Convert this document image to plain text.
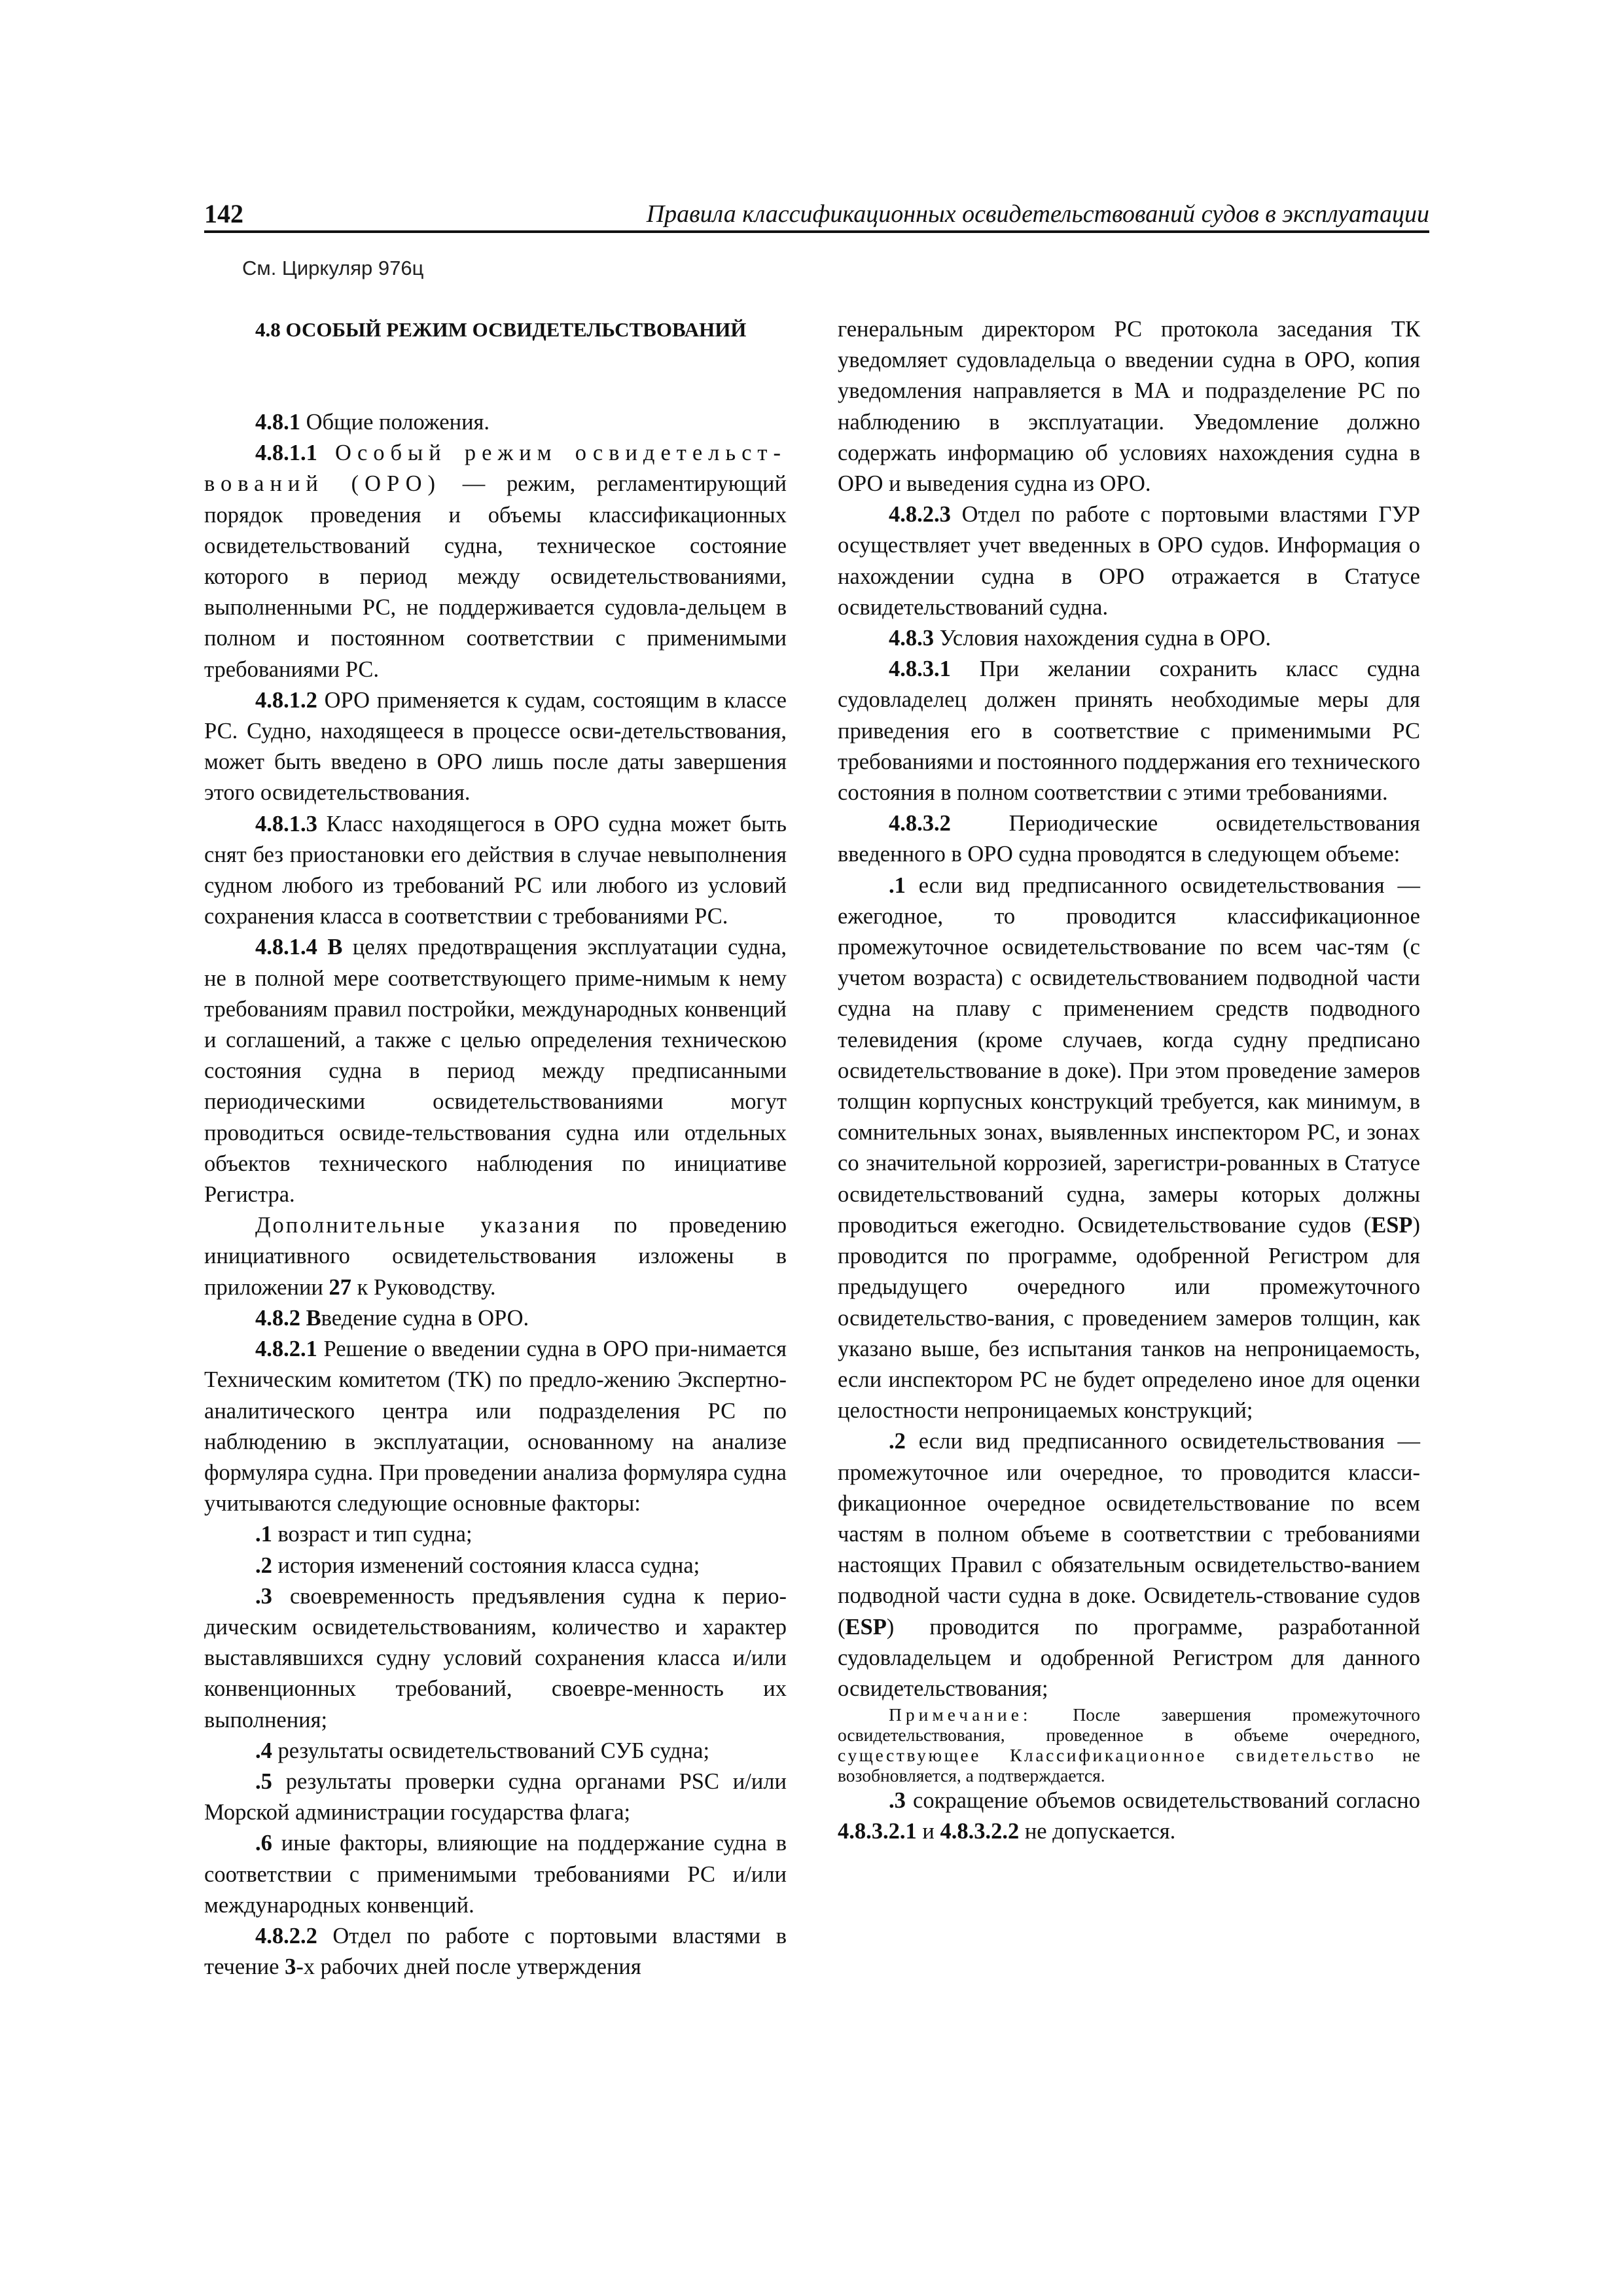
142	Правила классификационных освидетельствований судов в эксплуатации
См. Циркуляр 976ц

4.8 ОСОБЫЙ РЕЖИМ ОСВИДЕТЕЛЬСТВОВАНИЙ

4.8.1 Общие положения.

4.8.1.1 Особый режим освидетельст-вований (ОРО) — режим, регламентирующий порядок проведения и объемы классификационных освидетельствований судна, техническое состояние которого в период между освидетельствованиями, выполненными РС, не поддерживается судовла-дельцем в полном и постоянном соответствии с применимыми требованиями РС.

4.8.1.2 ОРО применяется к судам, состоящим в классе РС. Судно, находящееся в процессе осви-детельствования, может быть введено в ОРО лишь после даты завершения этого освидетельствования.

4.8.1.3 Класс находящегося в ОРО судна может быть снят без приостановки его действия в случае невыполнения судном любого из требований РС или любого из условий сохранения класса в соответствии с требованиями РС.

4.8.1.4 В целях предотвращения эксплуатации судна, не в полной мере соответствующего приме-нимым к нему требованиям правил постройки, международных конвенций и соглашений, а также с целью определения техническою состояния судна в период между предписанными периодическими освидетельствованиями могут проводиться освиде-тельствования судна или отдельных объектов технического наблюдения по инициативе Регистра.

Дополнительные указания по проведению инициативного освидетельствования изложены в приложении 27 к Руководству.

4.8.2 Введение судна в ОРО.

4.8.2.1 Решение о введении судна в ОРО при-нимается Техническим комитетом (ТК) по предло-жению Экспертно-аналитического центра или подразделения РС по наблюдению в эксплуатации, основанному на анализе формуляра судна. При проведении анализа формуляра судна учитываются следующие основные факторы:

.1 возраст и тип судна;

.2 история изменений состояния класса судна;

.3 своевременность предъявления судна к перио-дическим освидетельствованиям, количество и характер выставлявшихся судну условий сохранения класса и/или конвенционных требований, своевре-менность их выполнения;

.4 результаты освидетельствований СУБ судна;

.5 результаты проверки судна органами PSC и/или Морской администрации государства флага;

.6 иные факторы, влияющие на поддержание судна в соответствии с применимыми требованиями РС и/или международных конвенций.

4.8.2.2 Отдел по работе с портовыми властями в течение 3-х рабочих дней после утверждения

генеральным директором РС протокола заседания ТК уведомляет судовладельца о введении судна в ОРО, копия уведомления направляется в МА и подразделение РС по наблюдению в эксплуатации. Уведомление должно содержать информацию об условиях нахождения судна в ОРО и выведения судна из ОРО.

4.8.2.3 Отдел по работе с портовыми властями ГУР осуществляет учет введенных в ОРО судов. Информация о нахождении судна в ОРО отражается в Статусе освидетельствований судна.

4.8.3 Условия нахождения судна в ОРО.

4.8.3.1 При желании сохранить класс судна судовладелец должен принять необходимые меры для приведения его в соответствие с применимыми РС требованиями и постоянного поддержания его технического состояния в полном соответствии с этими требованиями.

4.8.3.2 Периодические освидетельствования введенного в ОРО судна проводятся в следующем объеме:

.1 если вид предписанного освидетельствования — ежегодное, то проводится классификационное промежуточное освидетельствование по всем час-тям (с учетом возраста) с освидетельствованием подводной части судна на плаву с применением средств подводного телевидения (кроме случаев, когда судну предписано освидетельствование в доке). При этом проведение замеров толщин корпусных конструкций требуется, как минимум, в сомнительных зонах, выявленных инспектором РС, и зонах со значительной коррозией, зарегистри-рованных в Статусе освидетельствований судна, замеры которых должны проводиться ежегодно. Освидетельствование судов (ESP) проводится по программе, одобренной Регистром для предыдущего очередного или промежуточного освидетельство-вания, с проведением замеров толщин, как указано выше, без испытания танков на непроницаемость, если инспектором РС не будет определено иное для оценки целостности непроницаемых конструкций;

.2 если вид предписанного освидетельствования — промежуточное или очередное, то проводится класси-фикационное очередное освидетельствование по всем частям в полном объеме в соответствии с требованиями настоящих Правил с обязательным освидетельство-ванием подводной части судна в доке. Освидетель-ствование судов (ESP) проводится по программе, разработанной судовладельцем и одобренной Регистром для данного освидетельствования;

Примечание: После завершения промежуточного освидетельствования, проведенное в объеме очередного, существующее Классификационное свидетельство не возобновляется, а подтверждается.

.3 сокращение объемов освидетельствований согласно 4.8.3.2.1 и 4.8.3.2.2 не допускается.
